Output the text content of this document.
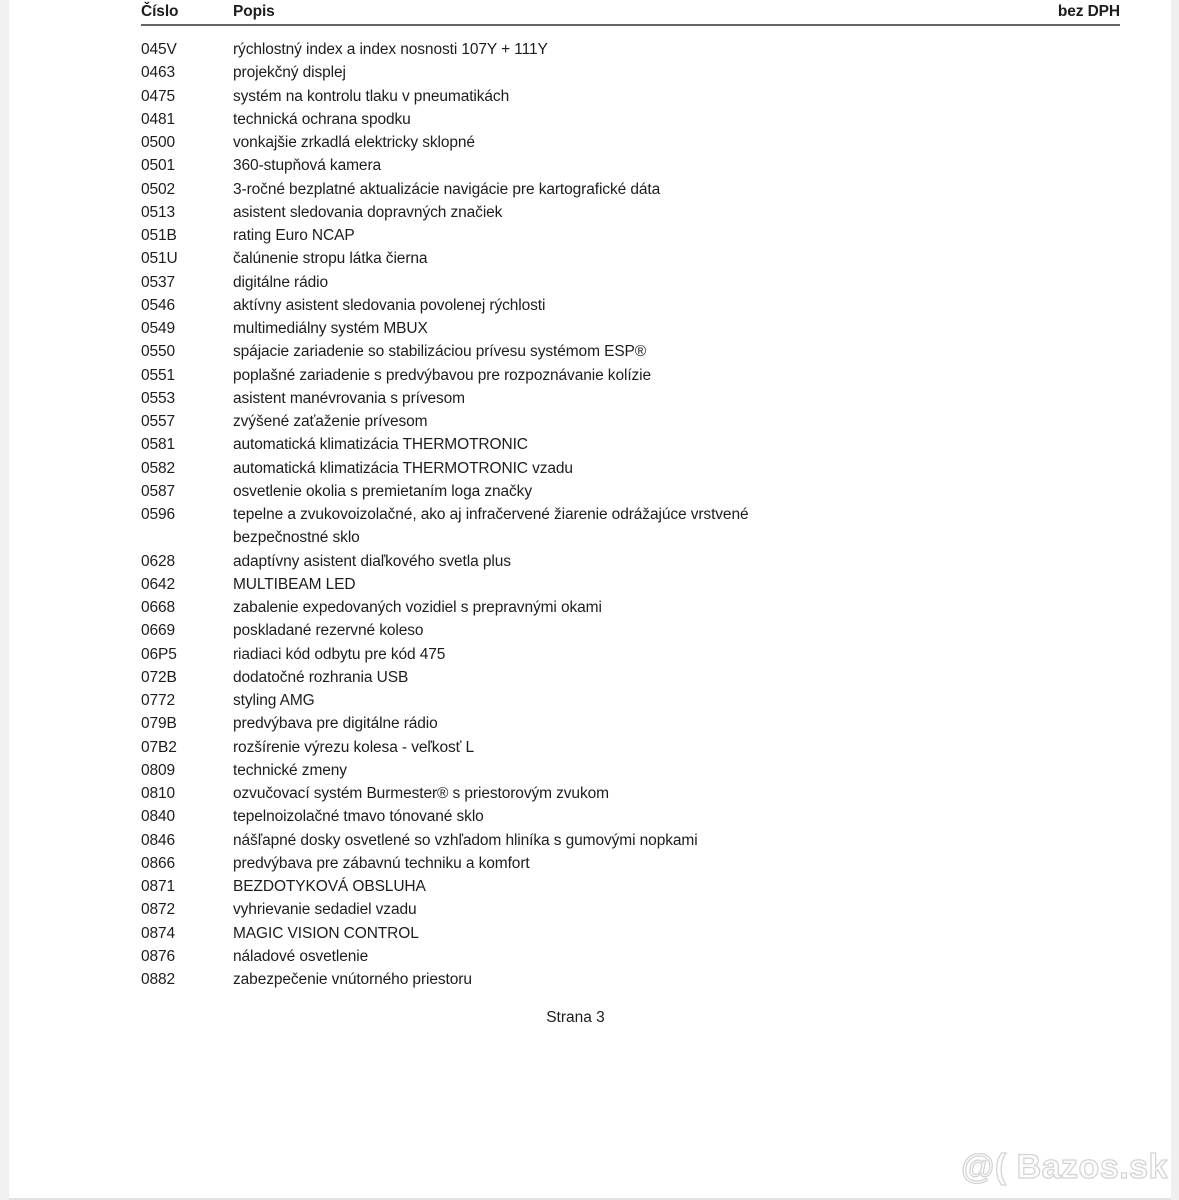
Číslo	Popis	bez DPH
045V	rýchlostný index a index nosnosti 107Y + 111Y
0463	projekčný displej
0475	systém na kontrolu tlaku v pneumatikách
0481	technická ochrana spodku
0500	vonkajšie zrkadlá elektricky sklopné
0501	360-stupňová kamera
0502	3-ročné bezplatné aktualizácie navigácie pre kartografické dáta
0513	asistent sledovania dopravných značiek
051B	rating Euro NCAP
051U	čalúnenie stropu látka čierna
0537	digitálne rádio
0546	aktívny asistent sledovania povolenej rýchlosti
0549	multimediálny systém MBUX
0550	spájacie zariadenie so stabilizáciou prívesu systémom ESP®
0551	poplašné zariadenie s predvýbavou pre rozpoznávanie kolízie
0553	asistent manévrovania s prívesom
0557	zvýšené zaťaženie prívesom
0581	automatická klimatizácia THERMOTRONIC
0582	automatická klimatizácia THERMOTRONIC vzadu
0587	osvetlenie okolia s premietaním loga značky
0596	tepelne a zvukovoizolačné, ako aj infračervené žiarenie odrážajúce vrstvené
bezpečnostné sklo
0628	adaptívny asistent diaľkového svetla plus
0642	MULTIBEAM LED
0668	zabalenie expedovaných vozidiel s prepravnými okami
0669	poskladané rezervné koleso
06P5	riadiaci kód odbytu pre kód 475
072B	dodatočné rozhrania USB
0772	styling AMG
079B	predvýbava pre digitálne rádio
07B2	rozšírenie výrezu kolesa - veľkosť L
0809	technické zmeny
0810	ozvučovací systém Burmester® s priestorovým zvukom
0840	tepelnoizolačné tmavo tónované sklo
0846	nášľapné dosky osvetlené so vzhľadom hliníka s gumovými nopkami
0866	predvýbava pre zábavnú techniku a komfort
0871	BEZDOTYKOVÁ OBSLUHA
0872	vyhrievanie sedadiel vzadu
0874	MAGIC VISION CONTROL
0876	náladové osvetlenie
0882	zabezpečenie vnútorného priestoru
Strana 3
@( Bazos.sk
